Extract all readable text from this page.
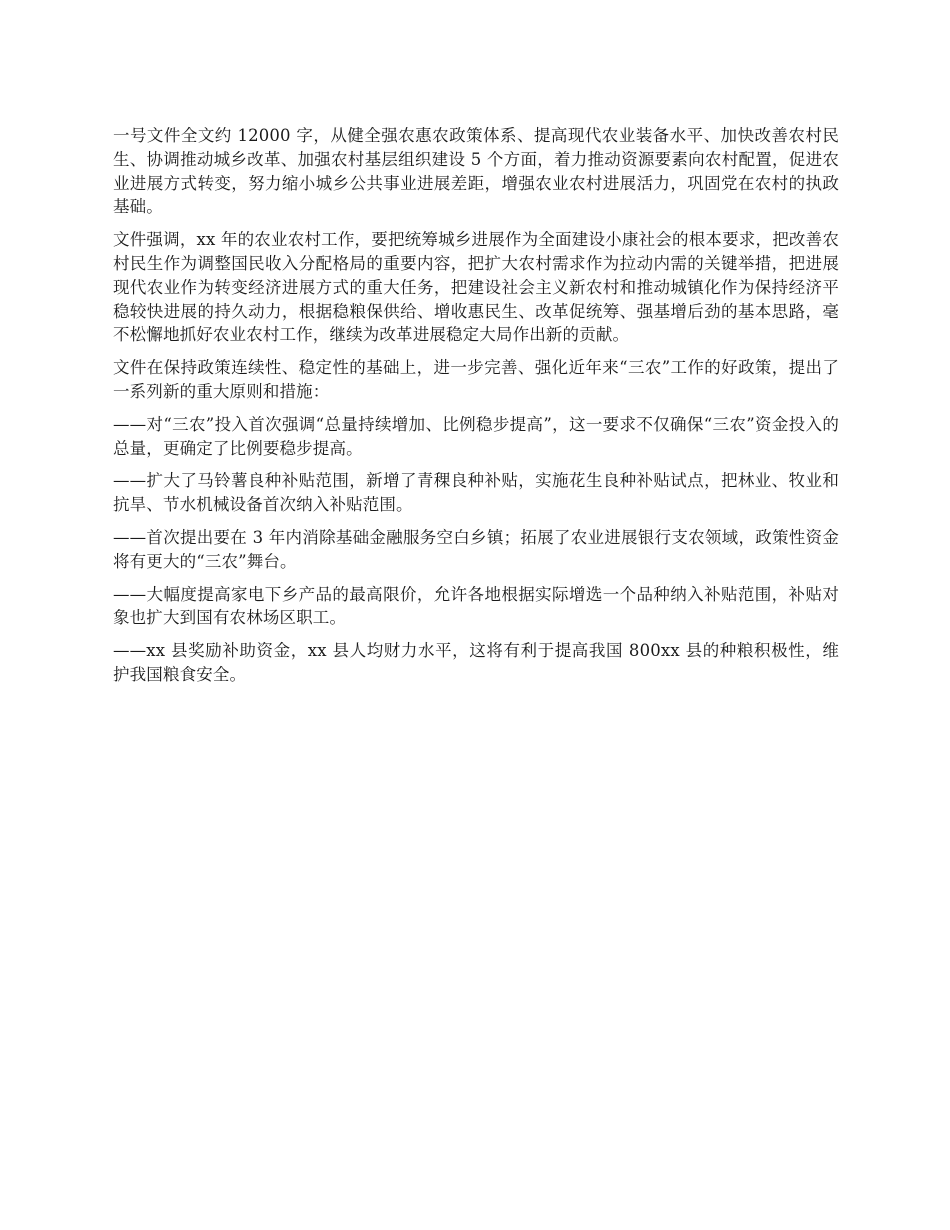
一号文件全文约 12000 字，从健全强农惠农政策体系、提高现代农业装备水平、加快改善农村民生、协调推动城乡改革、加强农村基层组织建设 5 个方面，着力推动资源要素向农村配置，促进农业进展方式转变，努力缩小城乡公共事业进展差距，增强农业农村进展活力，巩固党在农村的执政基础。

文件强调，xx 年的农业农村工作，要把统筹城乡进展作为全面建设小康社会的根本要求，把改善农村民生作为调整国民收入分配格局的重要内容，把扩大农村需求作为拉动内需的关键举措，把进展现代农业作为转变经济进展方式的重大任务，把建设社会主义新农村和推动城镇化作为保持经济平稳较快进展的持久动力，根据稳粮保供给、增收惠民生、改革促统筹、强基增后劲的基本思路，毫不松懈地抓好农业农村工作，继续为改革进展稳定大局作出新的贡献。

文件在保持政策连续性、稳定性的基础上，进一步完善、强化近年来“三农”工作的好政策，提出了一系列新的重大原则和措施：

——对“三农”投入首次强调“总量持续增加、比例稳步提高”，这一要求不仅确保“三农”资金投入的总量，更确定了比例要稳步提高。

——扩大了马铃薯良种补贴范围，新增了青稞良种补贴，实施花生良种补贴试点，把林业、牧业和抗旱、节水机械设备首次纳入补贴范围。

——首次提出要在 3 年内消除基础金融服务空白乡镇；拓展了农业进展银行支农领域，政策性资金将有更大的“三农”舞台。

——大幅度提高家电下乡产品的最高限价，允许各地根据实际增选一个品种纳入补贴范围，补贴对象也扩大到国有农林场区职工。

——xx 县奖励补助资金，xx 县人均财力水平，这将有利于提高我国 800xx 县的种粮积极性，维护我国粮食安全。
